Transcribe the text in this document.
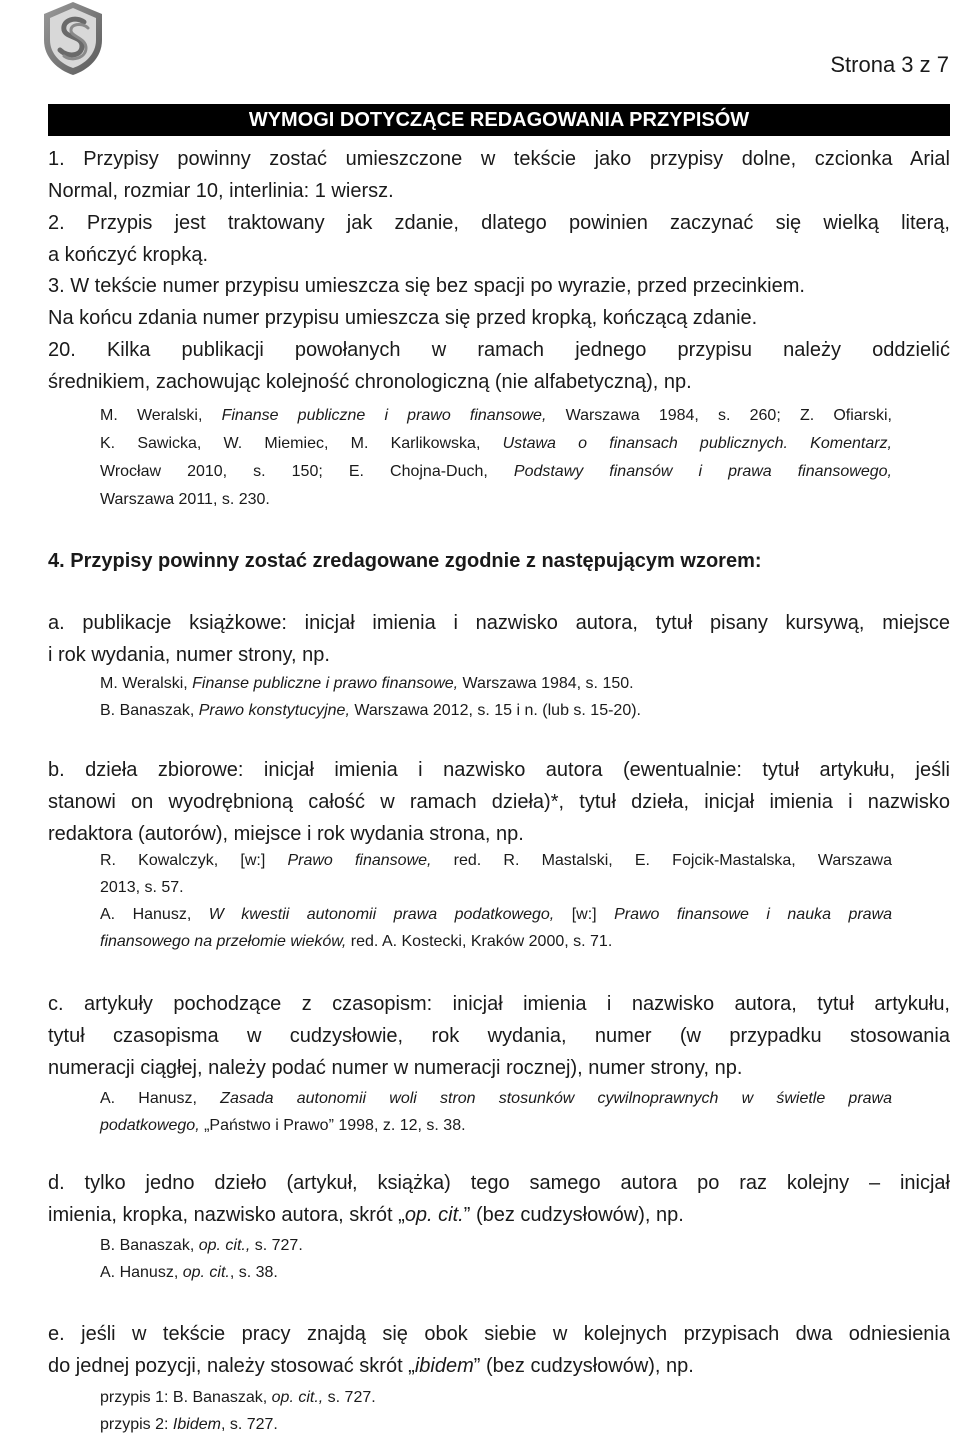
Strona 3 z 7
WYMOGI DOTYCZĄCE REDAGOWANIA PRZYPISÓW
1. Przypisy powinny zostać umieszczone w tekście jako przypisy dolne, czcionka Arial
Normal, rozmiar 10, interlinia: 1 wiersz.
2. Przypis jest traktowany jak zdanie, dlatego powinien zaczynać się wielką literą,
a kończyć kropką.
3. W tekście numer przypisu umieszcza się bez spacji po wyrazie, przed przecinkiem.
Na końcu zdania numer przypisu umieszcza się przed kropką, kończącą zdanie.
20. Kilka publikacji powołanych w ramach jednego przypisu należy oddzielić
średnikiem, zachowując kolejność chronologiczną (nie alfabetyczną), np.
M. Weralski, Finanse publiczne i prawo finansowe, Warszawa 1984, s. 260; Z. Ofiarski,
K. Sawicka, W. Miemiec, M. Karlikowska, Ustawa o finansach publicznych. Komentarz,
Wrocław 2010, s. 150; E. Chojna-Duch, Podstawy finansów i prawa finansowego,
Warszawa 2011, s. 230.
4. Przypisy powinny zostać zredagowane zgodnie z następującym wzorem:
a. publikacje książkowe: inicjał imienia i nazwisko autora, tytuł pisany kursywą, miejsce
i rok wydania, numer strony, np.
M. Weralski, Finanse publiczne i prawo finansowe, Warszawa 1984, s. 150.
B. Banaszak, Prawo konstytucyjne, Warszawa 2012, s. 15 i n. (lub s. 15-20).
b. dzieła zbiorowe: inicjał imienia i nazwisko autora (ewentualnie: tytuł artykułu, jeśli
stanowi on wyodrębnioną całość w ramach dzieła)*, tytuł dzieła, inicjał imienia i nazwisko
redaktora (autorów), miejsce i rok wydania strona, np.
R. Kowalczyk, [w:] Prawo finansowe, red. R. Mastalski, E. Fojcik-Mastalska, Warszawa
2013, s. 57.
A. Hanusz, W kwestii autonomii prawa podatkowego, [w:] Prawo finansowe i nauka prawa
finansowego na przełomie wieków, red. A. Kostecki, Kraków 2000, s. 71.
c. artykuły pochodzące z czasopism: inicjał imienia i nazwisko autora, tytuł artykułu,
tytuł czasopisma w cudzysłowie, rok wydania, numer (w przypadku stosowania
numeracji ciągłej, należy podać numer w numeracji rocznej), numer strony, np.
A. Hanusz, Zasada autonomii woli stron stosunków cywilnoprawnych w świetle prawa
podatkowego, „Państwo i Prawo” 1998, z. 12, s. 38.
d. tylko jedno dzieło (artykuł, książka) tego samego autora po raz kolejny – inicjał
imienia, kropka, nazwisko autora, skrót „op. cit.” (bez cudzysłowów), np.
B. Banaszak, op. cit., s. 727.
A. Hanusz, op. cit., s. 38.
e. jeśli w tekście pracy znajdą się obok siebie w kolejnych przypisach dwa odniesienia
do jednej pozycji, należy stosować skrót „ibidem” (bez cudzysłowów), np.
przypis 1: B. Banaszak, op. cit., s. 727.
przypis 2: Ibidem, s. 727.
